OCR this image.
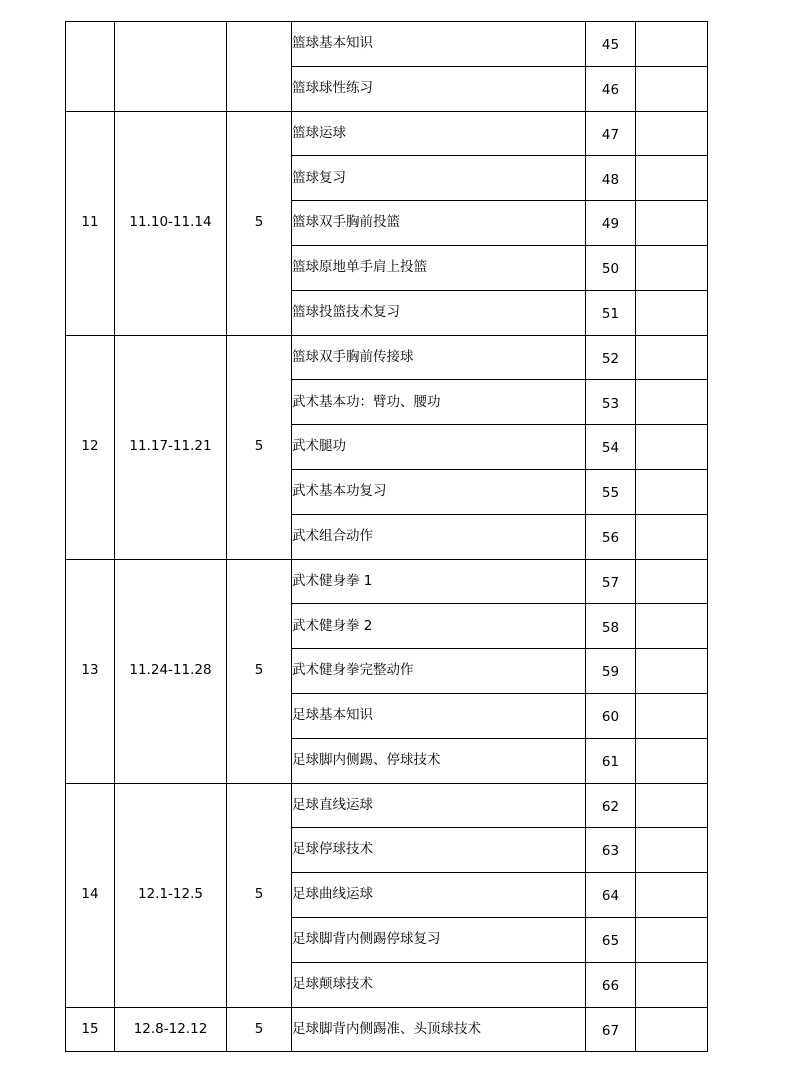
			篮球基本知识	45	
			篮球球性练习	46	
11	11.10-11.14	5	篮球运球	47	
			篮球复习	48	
			篮球双手胸前投篮	49	
			篮球原地单手肩上投篮	50	
			篮球投篮技术复习	51	
12	11.17-11.21	5	篮球双手胸前传接球	52	
			武术基本功：臂功、腰功	53	
			武术腿功	54	
			武术基本功复习	55	
			武术组合动作	56	
13	11.24-11.28	5	武术健身拳 1	57	
			武术健身拳 2	58	
			武术健身拳完整动作	59	
			足球基本知识	60	
			足球脚内侧踢、停球技术	61	
14	12.1-12.5	5	足球直线运球	62	
			足球停球技术	63	
			足球曲线运球	64	
			足球脚背内侧踢停球复习	65	
			足球颠球技术	66	
15	12.8-12.12	5	足球脚背内侧踢准、头顶球技术	67	
